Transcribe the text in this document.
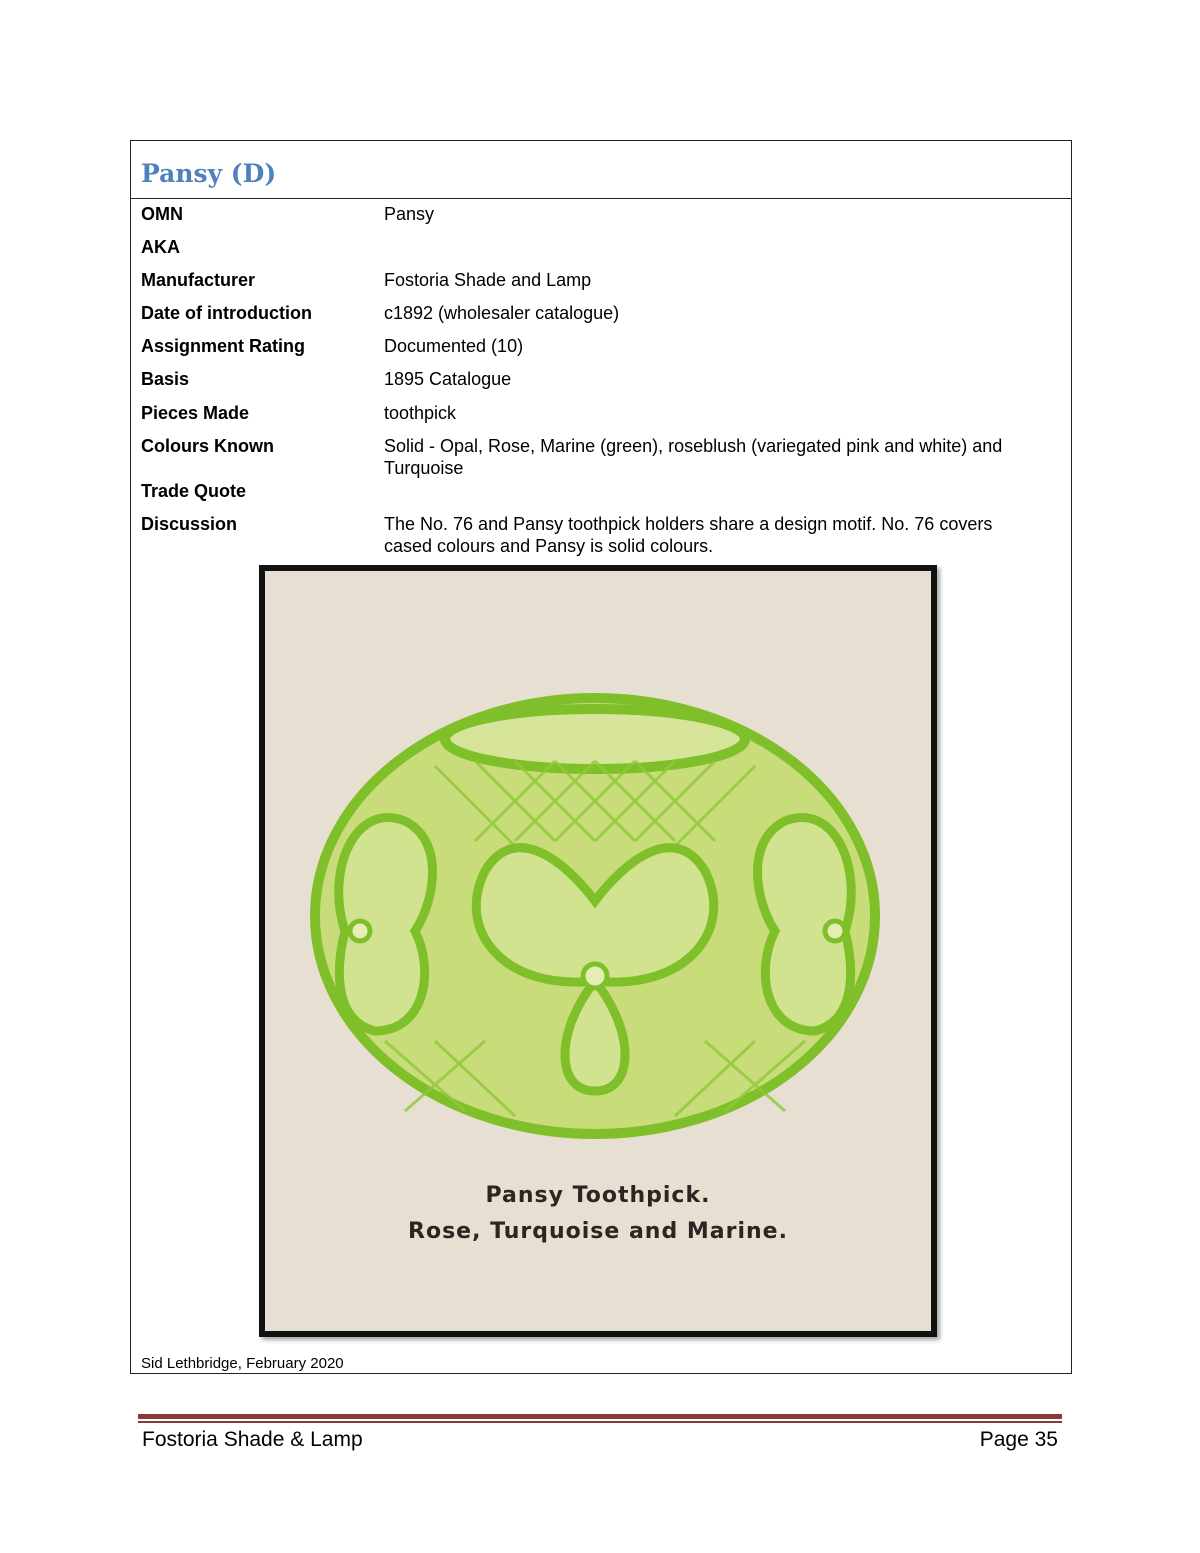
Pansy (D)
OMN	Pansy
AKA
Manufacturer	Fostoria Shade and Lamp
Date of introduction	c1892 (wholesaler catalogue)
Assignment Rating	Documented (10)
Basis	1895 Catalogue
Pieces Made	toothpick
Colours Known	Solid - Opal, Rose, Marine (green), roseblush (variegated pink and white) and Turquoise
Trade Quote
Discussion	The No. 76 and Pansy toothpick holders share a design motif. No. 76 covers cased colours and Pansy is solid colours.
Pansy Toothpick.
Rose, Turquoise and Marine.
Sid Lethbridge, February 2020
Fostoria Shade & Lamp	Page 35
